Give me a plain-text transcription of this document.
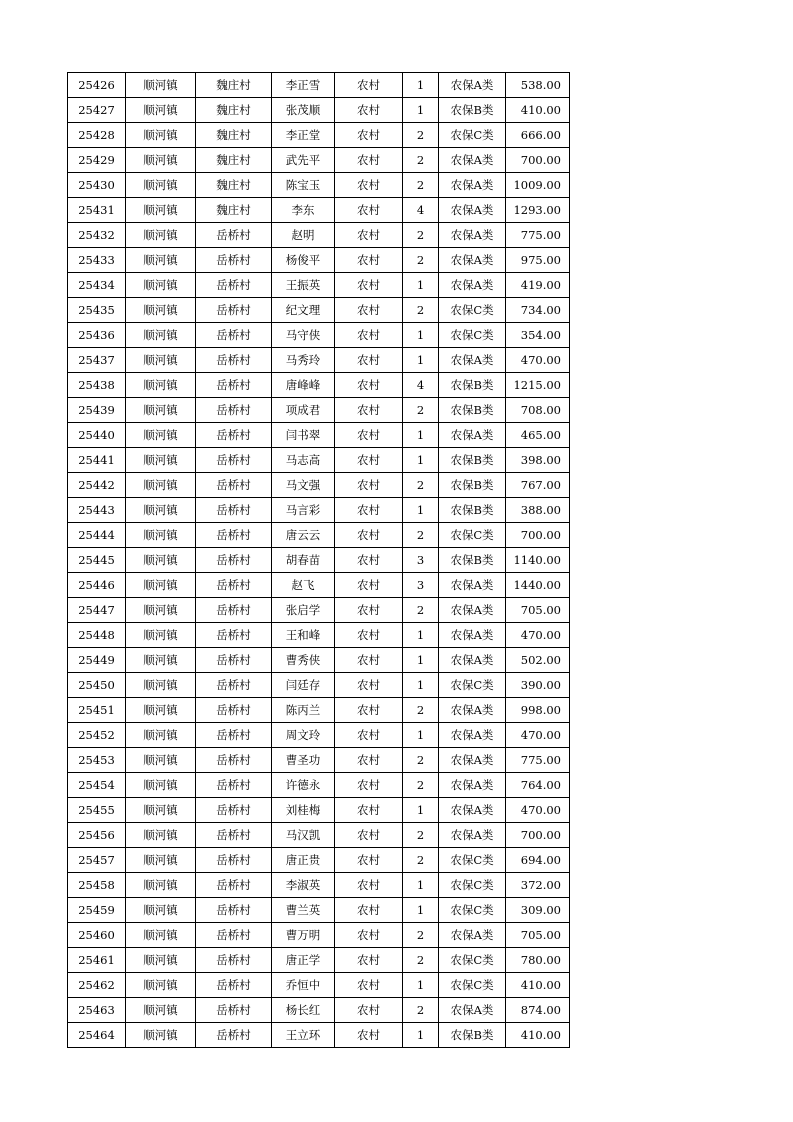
25426	顺河镇	魏庄村	李正雪	农村	1	农保A类	538.00
25427	顺河镇	魏庄村	张茂顺	农村	1	农保B类	410.00
25428	顺河镇	魏庄村	李正堂	农村	2	农保C类	666.00
25429	顺河镇	魏庄村	武先平	农村	2	农保A类	700.00
25430	顺河镇	魏庄村	陈宝玉	农村	2	农保A类	1009.00
25431	顺河镇	魏庄村	李东	农村	4	农保A类	1293.00
25432	顺河镇	岳桥村	赵明	农村	2	农保A类	775.00
25433	顺河镇	岳桥村	杨俊平	农村	2	农保A类	975.00
25434	顺河镇	岳桥村	王振英	农村	1	农保A类	419.00
25435	顺河镇	岳桥村	纪文理	农村	2	农保C类	734.00
25436	顺河镇	岳桥村	马守侠	农村	1	农保C类	354.00
25437	顺河镇	岳桥村	马秀玲	农村	1	农保A类	470.00
25438	顺河镇	岳桥村	唐峰峰	农村	4	农保B类	1215.00
25439	顺河镇	岳桥村	项成君	农村	2	农保B类	708.00
25440	顺河镇	岳桥村	闫书翠	农村	1	农保A类	465.00
25441	顺河镇	岳桥村	马志高	农村	1	农保B类	398.00
25442	顺河镇	岳桥村	马文强	农村	2	农保B类	767.00
25443	顺河镇	岳桥村	马言彩	农村	1	农保B类	388.00
25444	顺河镇	岳桥村	唐云云	农村	2	农保C类	700.00
25445	顺河镇	岳桥村	胡春苗	农村	3	农保B类	1140.00
25446	顺河镇	岳桥村	赵飞	农村	3	农保A类	1440.00
25447	顺河镇	岳桥村	张启学	农村	2	农保A类	705.00
25448	顺河镇	岳桥村	王和峰	农村	1	农保A类	470.00
25449	顺河镇	岳桥村	曹秀侠	农村	1	农保A类	502.00
25450	顺河镇	岳桥村	闫廷存	农村	1	农保C类	390.00
25451	顺河镇	岳桥村	陈丙兰	农村	2	农保A类	998.00
25452	顺河镇	岳桥村	周文玲	农村	1	农保A类	470.00
25453	顺河镇	岳桥村	曹圣功	农村	2	农保A类	775.00
25454	顺河镇	岳桥村	许德永	农村	2	农保A类	764.00
25455	顺河镇	岳桥村	刘桂梅	农村	1	农保A类	470.00
25456	顺河镇	岳桥村	马汉凯	农村	2	农保A类	700.00
25457	顺河镇	岳桥村	唐正贵	农村	2	农保C类	694.00
25458	顺河镇	岳桥村	李淑英	农村	1	农保C类	372.00
25459	顺河镇	岳桥村	曹兰英	农村	1	农保C类	309.00
25460	顺河镇	岳桥村	曹万明	农村	2	农保A类	705.00
25461	顺河镇	岳桥村	唐正学	农村	2	农保C类	780.00
25462	顺河镇	岳桥村	乔恒中	农村	1	农保C类	410.00
25463	顺河镇	岳桥村	杨长红	农村	2	农保A类	874.00
25464	顺河镇	岳桥村	王立环	农村	1	农保B类	410.00
